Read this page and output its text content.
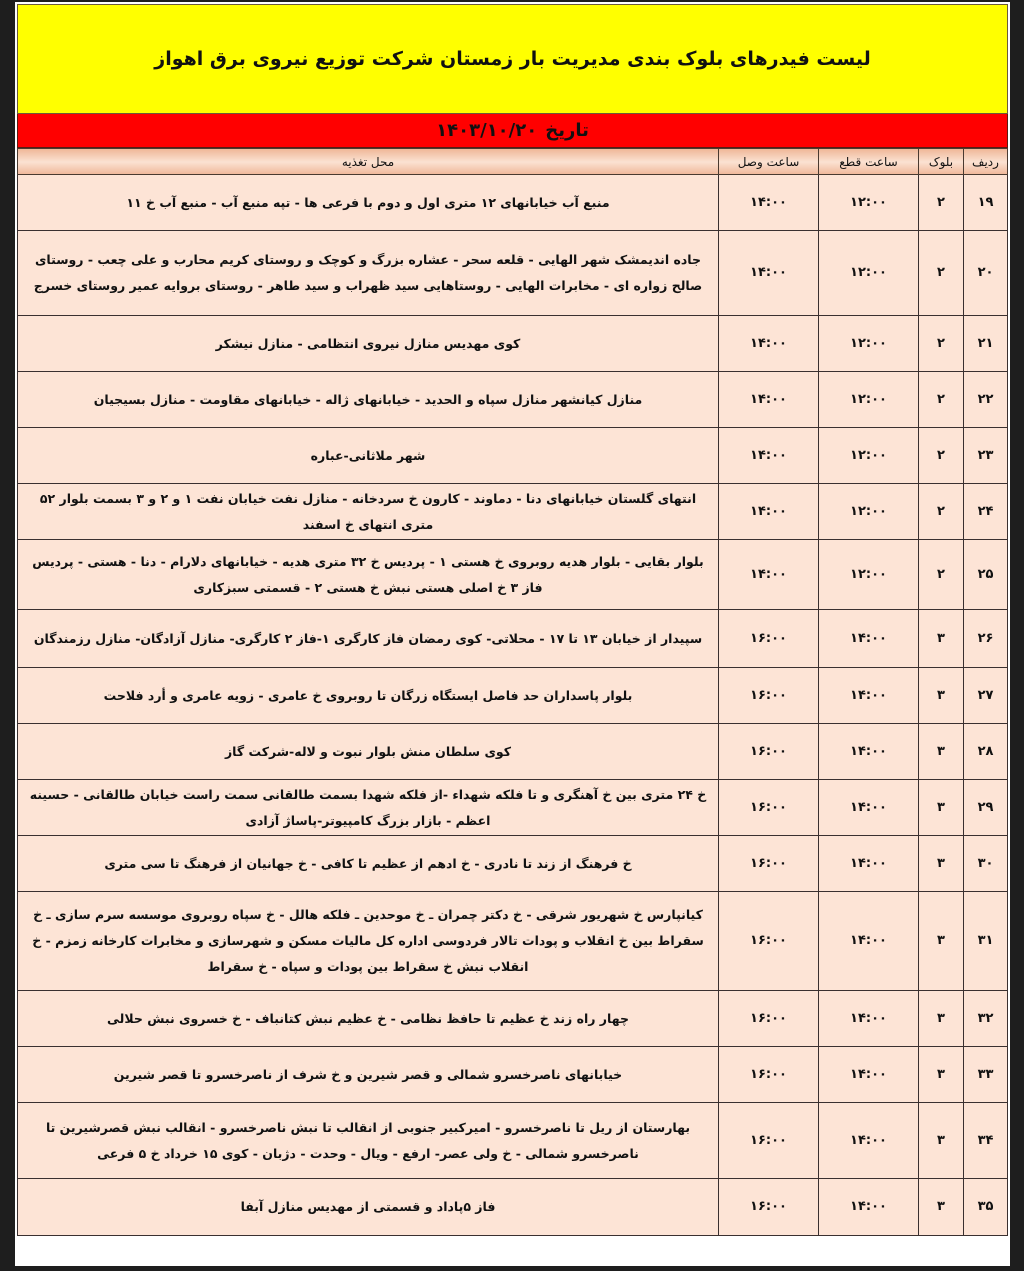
لیست فیدرهای بلوک بندی مدیریت بار زمستان شرکت توزیع نیروی برق اهواز
تاریخ
۱۴۰۳/۱۰/۲۰
ردیف	بلوک	ساعت قطع	ساعت وصل	محل تغذیه
۱۹	۲	۱۲:۰۰	۱۴:۰۰	منبع آب خیابانهای ۱۲ متری اول و دوم با فرعی ها - تپه منبع آب - منبع آب خ ۱۱
۲۰	۲	۱۲:۰۰	۱۴:۰۰	جاده اندیمشک شهر الهایی - قلعه سحر - عشاره بزرگ و کوچک و روستای کریم محارب و علی چعب - روستای صالح زواره ای - مخابرات الهایی - روستاهایی سید ظهراب و سید طاهر - روستای بروایه عمیر روستای خسرج
۲۱	۲	۱۲:۰۰	۱۴:۰۰	کوی مهدیس منازل نیروی انتظامی - منازل نیشکر
۲۲	۲	۱۲:۰۰	۱۴:۰۰	منازل کیانشهر منازل سپاه و الحدید - خیابانهای ژاله - خیابانهای مقاومت - منازل بسیجیان
۲۳	۲	۱۲:۰۰	۱۴:۰۰	شهر ملاثانی-عباره
۲۴	۲	۱۲:۰۰	۱۴:۰۰	انتهای گلستان خیابانهای دنا - دماوند - کارون خ سردخانه - منازل نفت خیابان نفت ۱ و ۲ و ۳ بسمت بلوار ۵۲ متری انتهای خ اسفند
۲۵	۲	۱۲:۰۰	۱۴:۰۰	بلوار بقایی - بلوار هدیه روبروی خ هستی ۱ - پردیس خ ۳۲ متری هدیه - خیابانهای دلارام - دنا - هستی - پردیس فاز ۳ خ اصلی هستی نبش خ هستی ۲ - قسمتی سبزکاری
۲۶	۳	۱۴:۰۰	۱۶:۰۰	سپیدار از خیابان ۱۳ تا ۱۷ - محلاتی- کوی رمضان فاز کارگری ۱-فاز ۲ کارگری- منازل آزادگان- منازل رزمندگان
۲۷	۳	۱۴:۰۰	۱۶:۰۰	بلوار پاسداران حد فاصل ایستگاه زرگان تا روبروی خ عامری - زویه عامری و أرد فلاحت
۲۸	۳	۱۴:۰۰	۱۶:۰۰	کوی سلطان منش بلوار نبوت و لاله-شرکت گاز
۲۹	۳	۱۴:۰۰	۱۶:۰۰	خ ۲۴ متری بین خ آهنگری و تا فلکه شهداء -از فلکه شهدا بسمت طالقانی سمت راست خیابان طالقانی - حسینه اعظم - بازار بزرگ کامپیوتر-پاساژ آزادی
۳۰	۳	۱۴:۰۰	۱۶:۰۰	خ فرهنگ از زند تا نادری - خ ادهم از عظیم تا کافی - خ جهانیان از فرهنگ تا سی متری
۳۱	۳	۱۴:۰۰	۱۶:۰۰	کیانپارس خ شهریور شرقی - خ دکتر چمران ـ خ موحدین ـ فلکه هالل - خ سپاه روبروی موسسه سرم سازی ـ خ سقراط بین خ انقلاب و پودات تالار فردوسی اداره کل مالیات مسکن و شهرسازی و مخابرات کارخانه زمزم - خ انقلاب نبش خ سقراط بین پودات و سپاه - خ سقراط
۳۲	۳	۱۴:۰۰	۱۶:۰۰	چهار راه زند خ عظیم تا حافظ نظامی - خ عظیم نبش کتانباف - خ خسروی نبش حلالی
۳۳	۳	۱۴:۰۰	۱۶:۰۰	خیابانهای ناصرخسرو شمالی و قصر شیرین و خ شرف از ناصرخسرو تا قصر شیرین
۳۴	۳	۱۴:۰۰	۱۶:۰۰	بهارستان از ریل تا ناصرخسرو - امیرکبیر جنوبی از انقالب تا نبش ناصرخسرو - انقالب نبش قصرشیرین تا ناصرخسرو شمالی - خ ولی عصر- ارفع - ویال - وحدت - دژبان - کوی ۱۵ خرداد خ ۵ فرعی
۳۵	۳	۱۴:۰۰	۱۶:۰۰	فاز ۵پاداد و قسمتی از مهدیس منازل آبفا
